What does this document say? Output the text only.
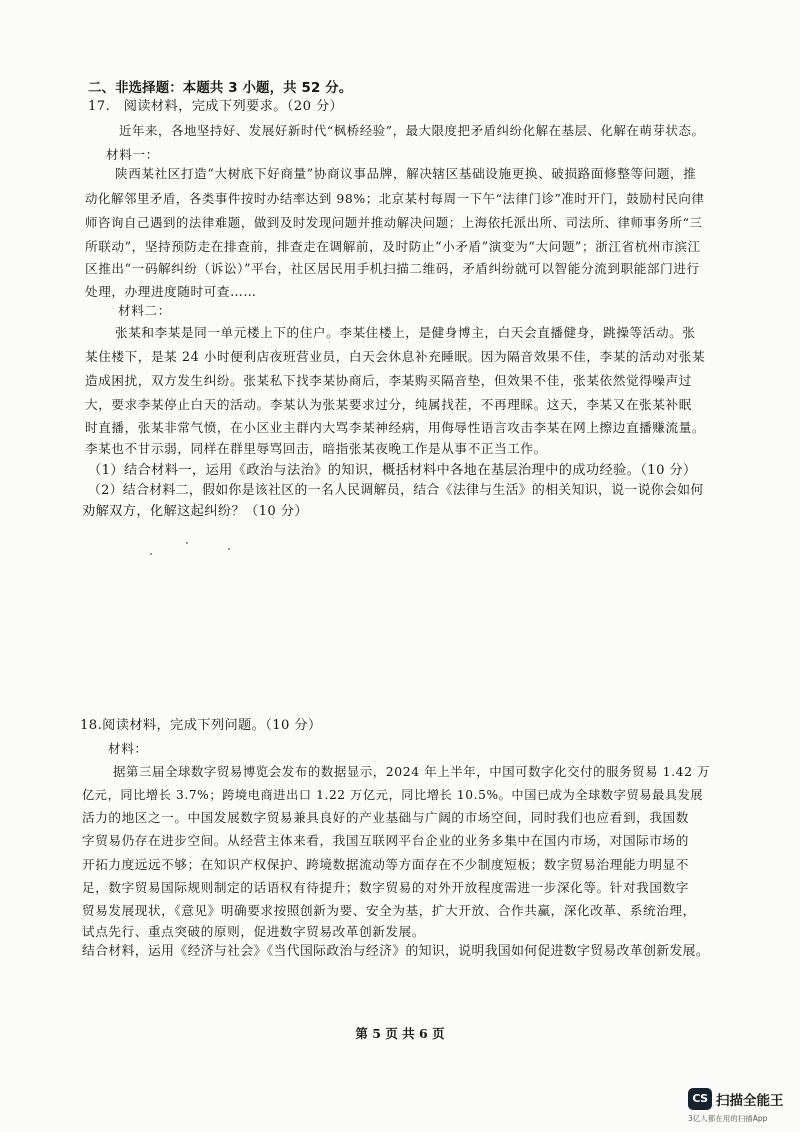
二、非选择题：本题共 3 小题，共 52 分。
17.　阅读材料，完成下列要求。（20 分）
近年来，各地坚持好、发展好新时代“枫桥经验”，最大限度把矛盾纠纷化解在基层、化解在萌芽状态。
材料一：
陕西某社区打造“大树底下好商量”协商议事品牌，解决辖区基础设施更换、破损路面修整等问题，推
动化解邻里矛盾，各类事件按时办结率达到 98%；北京某村每周一下午“法律门诊”准时开门，鼓励村民向律
师咨询自己遇到的法律难题，做到及时发现问题并推动解决问题；上海依托派出所、司法所、律师事务所“三
所联动”，坚持预防走在排查前，排查走在调解前，及时防止“小矛盾”演变为“大问题”；浙江省杭州市滨江
区推出“一码解纠纷（诉讼）”平台，社区居民用手机扫描二维码，矛盾纠纷就可以智能分流到职能部门进行
处理，办理进度随时可查……
材料二：
张某和李某是同一单元楼上下的住户。李某住楼上，是健身博主，白天会直播健身，跳操等活动。张
某住楼下，是某 24 小时便利店夜班营业员，白天会休息补充睡眠。因为隔音效果不佳，李某的活动对张某
造成困扰，双方发生纠纷。张某私下找李某协商后，李某购买隔音垫，但效果不佳，张某依然觉得噪声过
大，要求李某停止白天的活动。李某认为张某要求过分，纯属找茬，不再理睬。这天，李某又在张某补眠
时直播，张某非常气愤，在小区业主群内大骂李某神经病，用侮辱性语言攻击李某在网上擦边直播赚流量。
李某也不甘示弱，同样在群里辱骂回击，暗指张某夜晚工作是从事不正当工作。
（1）结合材料一，运用《政治与法治》的知识，概括材料中各地在基层治理中的成功经验。（10 分）
（2）结合材料二，假如你是该社区的一名人民调解员，结合《法律与生活》的相关知识，说一说你会如何
劝解双方，化解这起纠纷？（10 分）
18.阅读材料，完成下列问题。（10 分）
材料：
据第三届全球数字贸易博览会发布的数据显示，2024 年上半年，中国可数字化交付的服务贸易 1.42 万
亿元，同比增长 3.7%；跨境电商进出口 1.22 万亿元，同比增长 10.5%。中国已成为全球数字贸易最具发展
活力的地区之一。中国发展数字贸易兼具良好的产业基础与广阔的市场空间，同时我们也应看到，我国数
字贸易仍存在进步空间。从经营主体来看，我国互联网平台企业的业务多集中在国内市场，对国际市场的
开拓力度远远不够；在知识产权保护、跨境数据流动等方面存在不少制度短板；数字贸易治理能力明显不
足，数字贸易国际规则制定的话语权有待提升；数字贸易的对外开放程度需进一步深化等。针对我国数字
贸易发展现状，《意见》明确要求按照创新为要、安全为基，扩大开放、合作共赢，深化改革、系统治理，
试点先行、重点突破的原则，促进数字贸易改革创新发展。
结合材料，运用《经济与社会》《当代国际政治与经济》的知识，说明我国如何促进数字贸易改革创新发展。
第 5 页 共 6 页
CS 扫描全能王
3亿人都在用的扫描App
